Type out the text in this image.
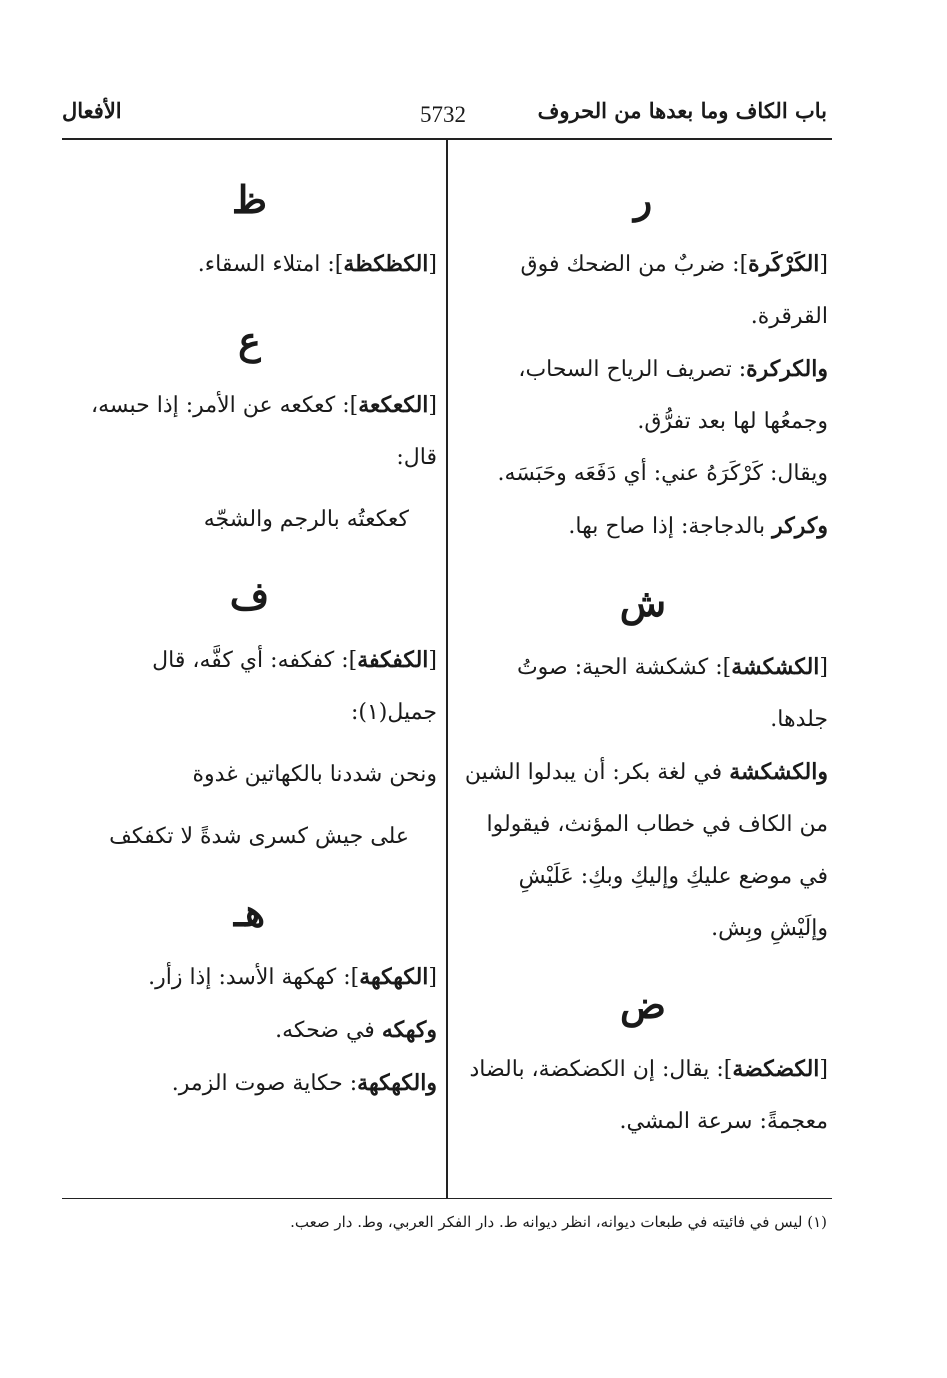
باب الكاف وما بعدها من الحروف
5732
الأفعال
ر

[الكَرْكَرة]: ضربٌ من الضحك فوق القرقرة.

والكركرة: تصريف الرياح السحاب، وجمعُها لها بعد تفرُّق.

ويقال: كَرْكَرَهُ عني: أي دَفَعَه وحَبَسَه.

وكركر بالدجاجة: إذا صاح بها.

ش

[الكشكشة]: كشكشة الحية: صوتُ جلدها.

والكشكشة في لغة بكر: أن يبدلوا الشين من الكاف في خطاب المؤنث، فيقولوا في موضع عليكِ وإليكِ وبكِ: عَلَيْشِ وإلَيْشِ وبِش.

ض

[الكضكضة]: يقال: إن الكضكضة، بالضاد معجمةً: سرعة المشي.

ظ

[الكظكظة]: امتلاء السقاء.

ع

[الكعكعة]: كعكعه عن الأمر: إذا حبسه، قال:

كعكعتُه بالرجم والشجّه

ف

[الكفكفة]: كفكفه: أي كفَّه، قال جميل(١):

ونحن شددنا بالكهاتين غدوة

على جيش كسرى شدةً لا تكفكف

هـ

[الكهكهة]: كهكهة الأسد: إذا زأر.

وكهكه في ضحكه.

والكهكهة: حكاية صوت الزمر.

(١) ليس في فائيته في طبعات ديوانه، انظر ديوانه ط. دار الفكر العربي، وط. دار صعب.
